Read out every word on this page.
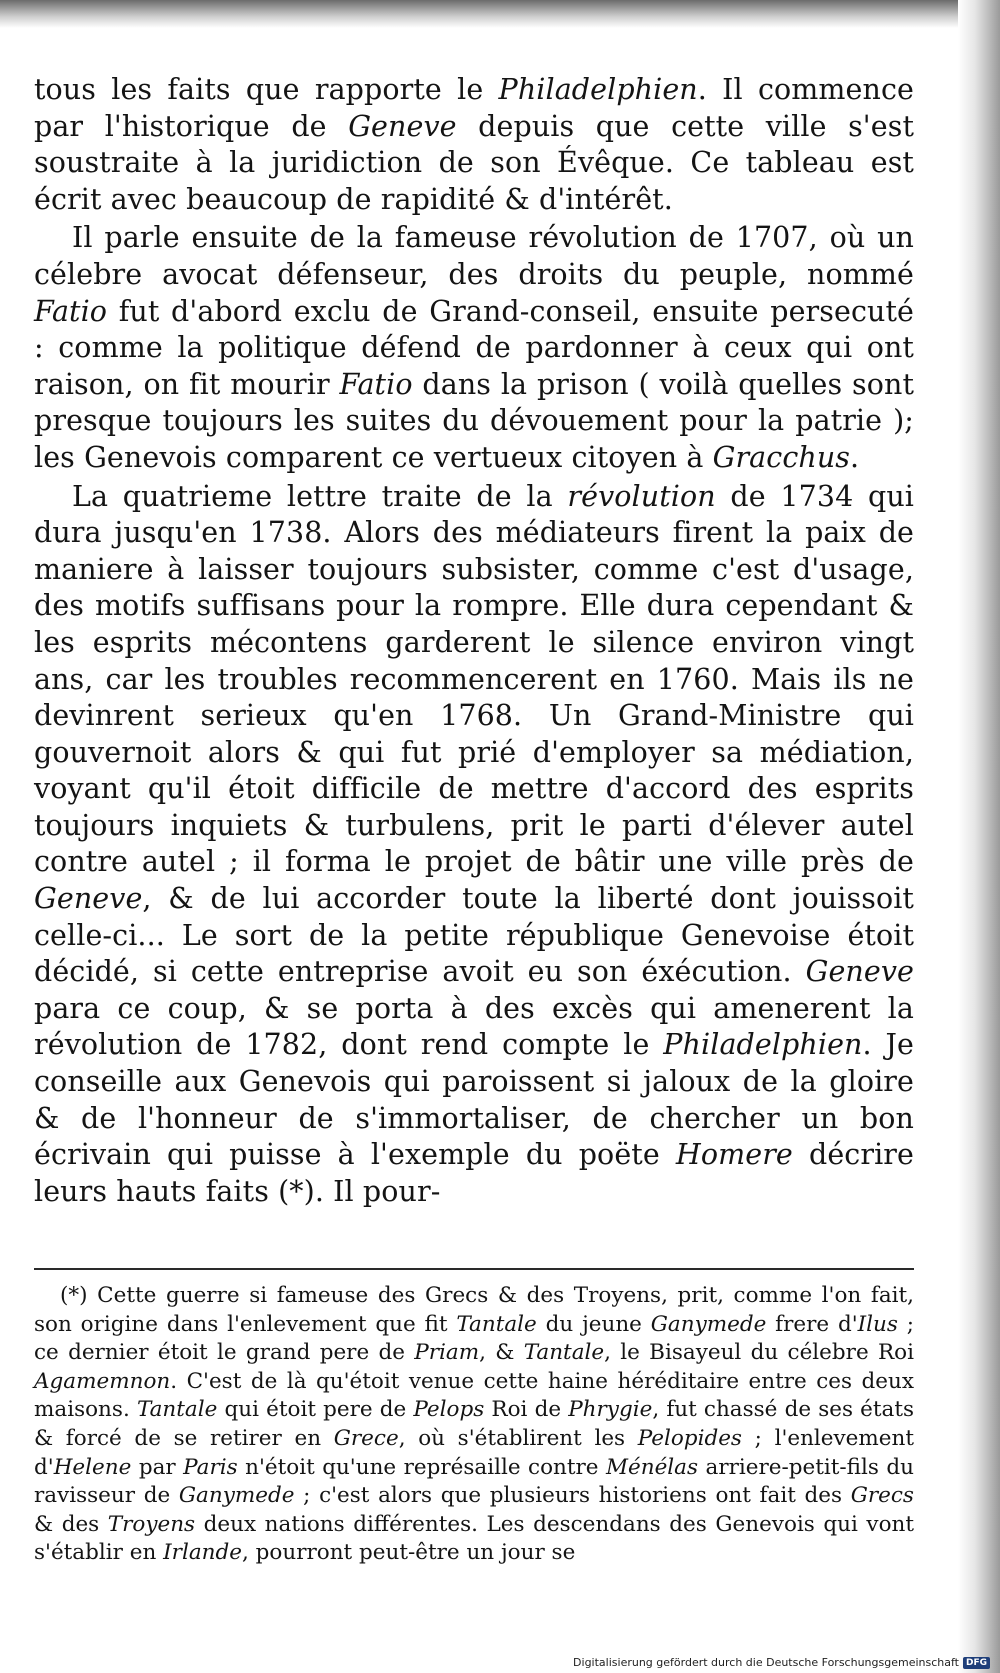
tous les faits que rapporte le Philadelphien. Il commence par l'historique de Geneve depuis que cette ville s'est soustraite à la juridiction de son Évêque. Ce tableau est écrit avec beaucoup de rapidité & d'intérêt.

Il parle ensuite de la fameuse révolution de 1707, où un célebre avocat défenseur, des droits du peuple, nommé Fatio fut d'abord exclu de Grand-conseil, ensuite persecuté : comme la politique défend de pardonner à ceux qui ont raison, on fit mourir Fatio dans la prison ( voilà quelles sont presque toujours les suites du dévouement pour la patrie ); les Genevois comparent ce vertueux citoyen à Gracchus.

La quatrieme lettre traite de la révolution de 1734 qui dura jusqu'en 1738. Alors des médiateurs firent la paix de maniere à laisser toujours subsister, comme c'est d'usage, des motifs suffisans pour la rompre. Elle dura cependant & les esprits mécontens garderent le silence environ vingt ans, car les troubles recommencerent en 1760. Mais ils ne devinrent serieux qu'en 1768. Un Grand-Ministre qui gouvernoit alors & qui fut prié d'employer sa médiation, voyant qu'il étoit difficile de mettre d'accord des esprits toujours inquiets & turbulens, prit le parti d'élever autel contre autel ; il forma le projet de bâtir une ville près de Geneve, & de lui accorder toute la liberté dont jouissoit celle-ci... Le sort de la petite république Genevoise étoit décidé, si cette entreprise avoit eu son éxécution. Geneve para ce coup, & se porta à des excès qui amenerent la révolution de 1782, dont rend compte le Philadelphien. Je conseille aux Genevois qui paroissent si jaloux de la gloire & de l'honneur de s'immortaliser, de chercher un bon écrivain qui puisse à l'exemple du poëte Homere décrire leurs hauts faits (*). Il pour-

(*) Cette guerre si fameuse des Grecs & des Troyens, prit, comme l'on fait, son origine dans l'enlevement que fit Tantale du jeune Ganymede frere d'Ilus ; ce dernier étoit le grand pere de Priam, & Tantale, le Bisayeul du célebre Roi Agamemnon. C'est de là qu'étoit venue cette haine héréditaire entre ces deux maisons. Tantale qui étoit pere de Pelops Roi de Phrygie, fut chassé de ses états & forcé de se retirer en Grece, où s'établirent les Pelopides ; l'enlevement d'Helene par Paris n'étoit qu'une représaille contre Ménélas arriere-petit-fils du ravisseur de Ganymede ; c'est alors que plusieurs historiens ont fait des Grecs & des Troyens deux nations différentes. Les descendans des Genevois qui vont s'établir en Irlande, pourront peut-être un jour se

Digitalisierung gefördert durch die Deutsche Forschungsgemeinschaft DFG
